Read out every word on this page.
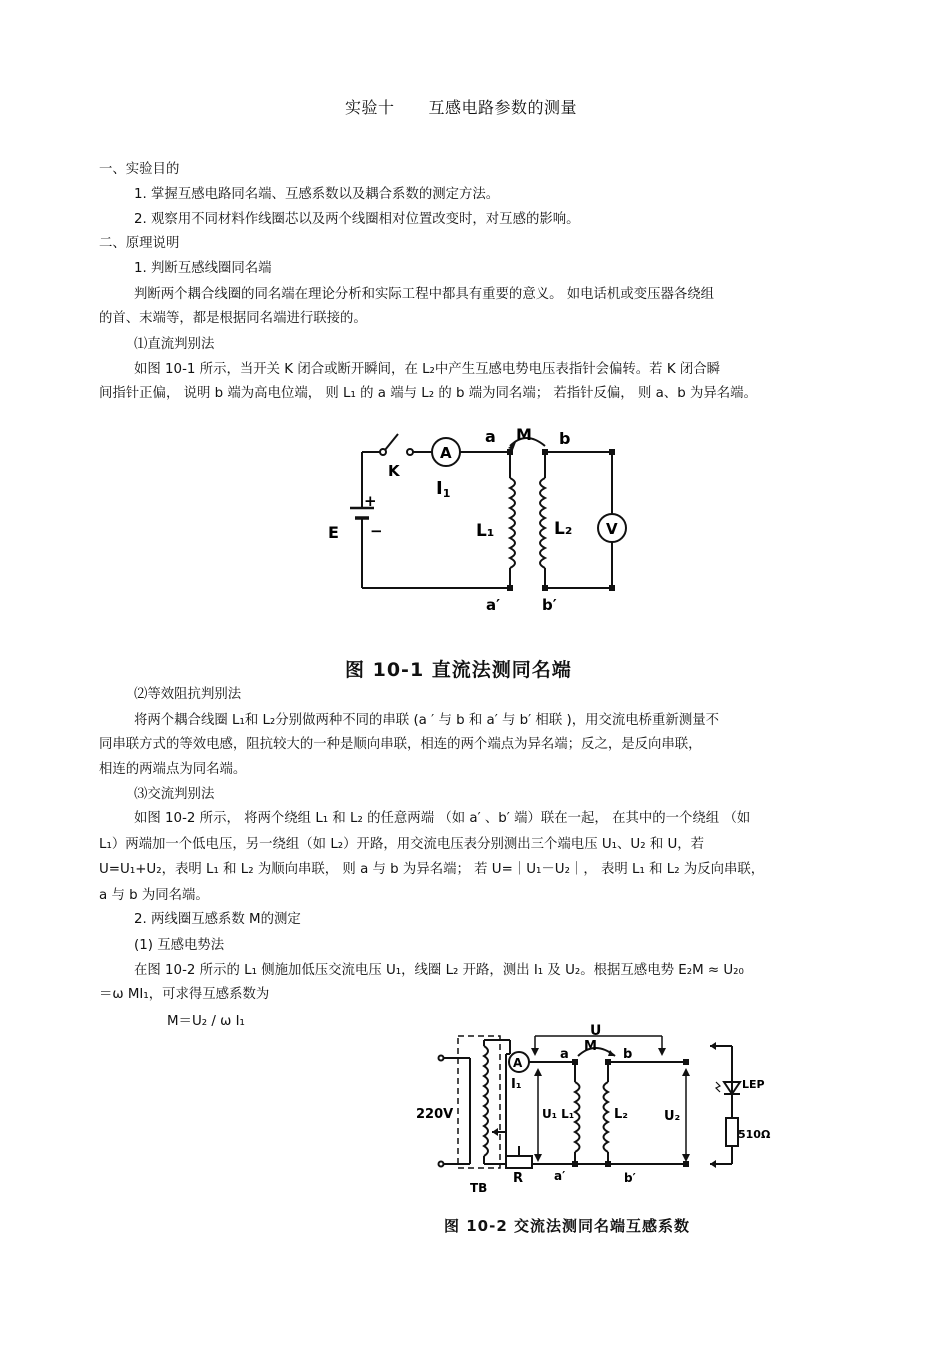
实验十 互感电路参数的测量
一、实验目的
1. 掌握互感电路同名端、互感系数以及耦合系数的测定方法。
2. 观察用不同材料作线圈芯以及两个线圈相对位置改变时，对互感的影响。
二、原理说明
1. 判断互感线圈同名端
判断两个耦合线圈的同名端在理论分析和实际工程中都具有重要的意义。 如电话机或变压器各绕组
的首、末端等，都是根据同名端进行联接的。
⑴直流判别法
如图 10-1 所示，当开关 K 闭合或断开瞬间，在 L₂中产生互感电势电压表指针会偏转。若 K 闭合瞬
间指针正偏， 说明 b 端为高电位端， 则 L₁ 的 a 端与 L₂ 的 b 端为同名端； 若指针反偏， 则 a、b 为异名端。
a M b
K
A
I1
E
+
−	L₁	L₂ V
a′	b′
图 10-1 直流法测同名端
⑵等效阻抗判别法
将两个耦合线圈 L₁和 L₂分别做两种不同的串联 (a ′ 与 b 和 a′ 与 b′ 相联 )，用交流电桥重新测量不
同串联方式的等效电感，阻抗较大的一种是顺向串联，相连的两个端点为异名端；反之，是反向串联，
相连的两端点为同名端。
⑶交流判别法
如图 10-2 所示， 将两个绕组 L₁ 和 L₂ 的任意两端 （如 a′ 、b′ 端）联在一起， 在其中的一个绕组 （如
L₁）两端加一个低电压，另一绕组（如 L₂）开路，用交流电压表分别测出三个端电压 U₁、U₂ 和 U，若
U=U₁+U₂，表明 L₁ 和 L₂ 为顺向串联， 则 a 与 b 为异名端； 若 U=｜U₁－U₂｜， 表明 L₁ 和 L₂ 为反向串联，
a 与 b 为同名端。
2. 两线圈互感系数 M的测定
(1) 互感电势法
在图 10-2 所示的 L₁ 侧施加低压交流电压 U₁，线圈 L₂ 开路，测出 I₁ 及 U₂。根据互感电势 E₂M ≈ U₂₀
＝ω MI₁，可求得互感系数为
M＝U₂ / ω I₁
U
A
a
M
b
I₁
220V	U₁ L₁	L₂	U₂
LEP
510Ω
R	a′	b′
TB
图 10-2 交流法测同名端互感系数
